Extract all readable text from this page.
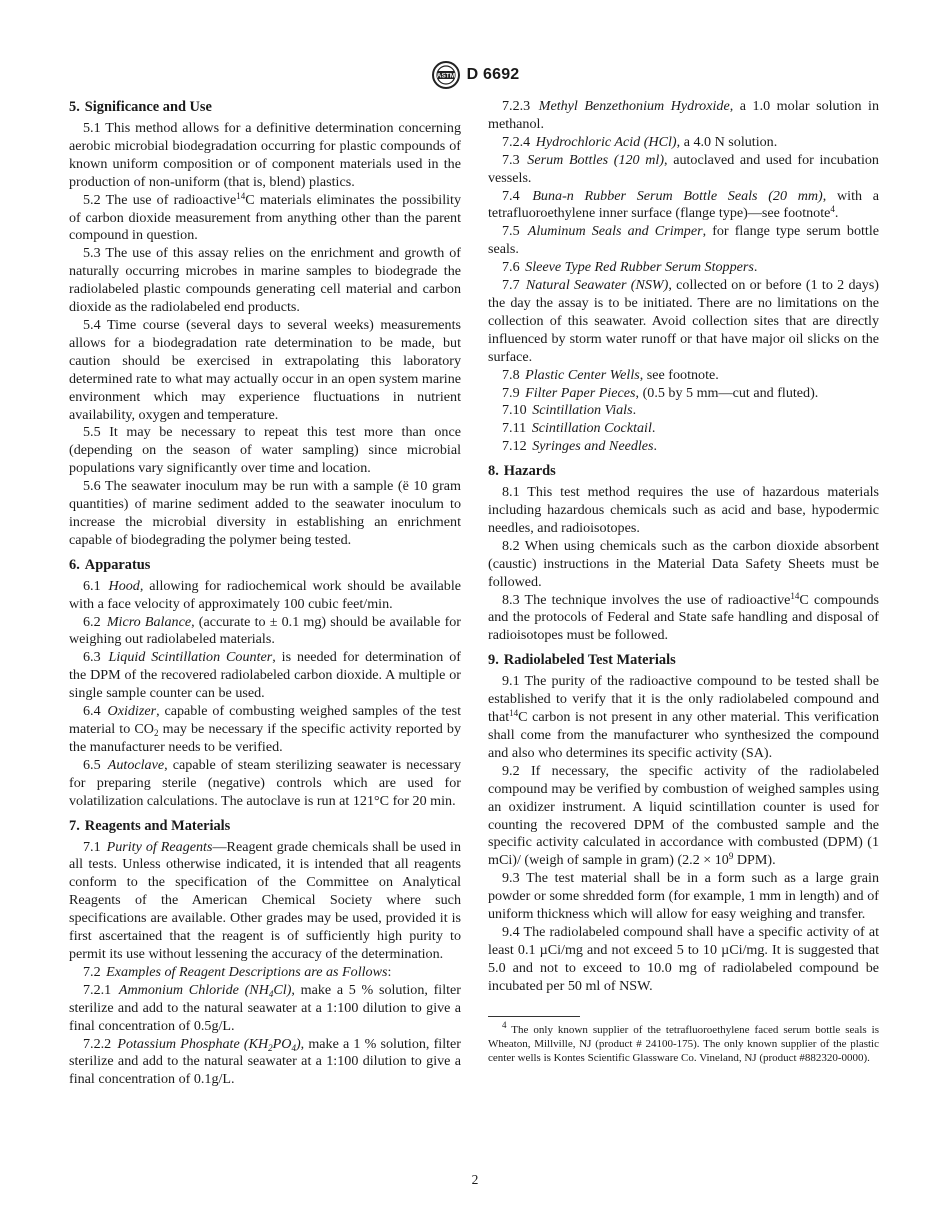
ASTM D 6692
5. Significance and Use

5.1 This method allows for a definitive determination concerning aerobic microbial biodegradation occurring for plastic compounds of known uniform composition or of component materials used in the production of non-uniform (that is, blend) plastics.

5.2 The use of radioactive$^{14}$C materials eliminates the possibility of carbon dioxide measurement from anything other than the parent compound in question.

5.3 The use of this assay relies on the enrichment and growth of naturally occurring microbes in marine samples to biodegrade the radiolabeled plastic compounds generating cell material and carbon dioxide as the radiolabeled end products.

5.4 Time course (several days to several weeks) measurements allows for a biodegradation rate determination to be made, but caution should be exercised in extrapolating this laboratory determined rate to what may actually occur in an open system marine environment which may experience fluctuations in nutrient availability, oxygen and temperature.

5.5 It may be necessary to repeat this test more than once (depending on the season of water sampling) since microbial populations vary significantly over time and location.

5.6 The seawater inoculum may be run with a sample (ë 10 gram quantities) of marine sediment added to the seawater inoculum to increase the microbial diversity in establishing an enrichment capable of biodegrading the polymer being tested.

6. Apparatus

6.1 Hood, allowing for radiochemical work should be available with a face velocity of approximately 100 cubic feet/min.

6.2 Micro Balance, (accurate to ± 0.1 mg) should be available for weighing out radiolabeled materials.

6.3 Liquid Scintillation Counter, is needed for determination of the DPM of the recovered radiolabeled carbon dioxide. A multiple or single sample counter can be used.

6.4 Oxidizer, capable of combusting weighed samples of the test material to $CO_2$ may be necessary if the specific activity reported by the manufacturer needs to be verified.

6.5 Autoclave, capable of steam sterilizing seawater is necessary for preparing sterile (negative) controls which are used for volatilization calculations. The autoclave is run at 121°C for 20 min.

7. Reagents and Materials

7.1 Purity of Reagents—Reagent grade chemicals shall be used in all tests. Unless otherwise indicated, it is intended that all reagents conform to the specification of the Committee on Analytical Reagents of the American Chemical Society where such specifications are available. Other grades may be used, provided it is first ascertained that the reagent is of sufficiently high purity to permit its use without lessening the accuracy of the determination.

7.2 Examples of Reagent Descriptions are as Follows:

7.2.1 Ammonium Chloride $(NH_4Cl)$, make a 5 % solution, filter sterilize and add to the natural seawater at a 1:100 dilution to give a final concentration of 0.5g/L.

7.2.2 Potassium Phosphate $(KH_2PO_4)$, make a 1 % solution, filter sterilize and add to the natural seawater at a 1:100 dilution to give a final concentration of 0.1g/L.

7.2.3 Methyl Benzethonium Hydroxide, a 1.0 molar solution in methanol.

7.2.4 Hydrochloric Acid (HCl), a 4.0 N solution.

7.3 Serum Bottles (120 ml), autoclaved and used for incubation vessels.

7.4 Buna-n Rubber Serum Bottle Seals (20 mm), with a tetrafluoroethylene inner surface (flange type)—see footnote$^4$.

7.5 Aluminum Seals and Crimper, for flange type serum bottle seals.

7.6 Sleeve Type Red Rubber Serum Stoppers.

7.7 Natural Seawater (NSW), collected on or before (1 to 2 days) the day the assay is to be initiated. There are no limitations on the collection of this seawater. Avoid collection sites that are directly influenced by storm water runoff or that have major oil slicks on the surface.

7.8 Plastic Center Wells, see footnote.

7.9 Filter Paper Pieces, (0.5 by 5 mm—cut and fluted).

7.10 Scintillation Vials.

7.11 Scintillation Cocktail.

7.12 Syringes and Needles.

8. Hazards

8.1 This test method requires the use of hazardous materials including hazardous chemicals such as acid and base, hypodermic needles, and radioisotopes.

8.2 When using chemicals such as the carbon dioxide absorbent (caustic) instructions in the Material Data Safety Sheets must be followed.

8.3 The technique involves the use of radioactive$^{14}$C compounds and the protocols of Federal and State safe handling and disposal of radioisotopes must be followed.

9. Radiolabeled Test Materials

9.1 The purity of the radioactive compound to be tested shall be established to verify that it is the only radiolabeled compound and that$^{14}$C carbon is not present in any other material. This verification shall come from the manufacturer who synthesized the compound and also who determines its specific activity (SA).

9.2 If necessary, the specific activity of the radiolabeled compound may be verified by combustion of weighed samples using an oxidizer instrument. A liquid scintillation counter is used for counting the recovered DPM of the combusted sample and the specific activity calculated in accordance with combusted (DPM) (1 mCi)/ (weigh of sample in gram) ($2.2 \times 10^9$ DPM).

9.3 The test material shall be in a form such as a large grain powder or some shredded form (for example, 1 mm in length) and of uniform thickness which will allow for easy weighing and transfer.

9.4 The radiolabeled compound shall have a specific activity of at least 0.1 µCi/mg and not exceed 5 to 10 µCi/mg. It is suggested that 5.0 and not to exceed to 10.0 mg of radiolabeled compound be incubated per 50 ml of NSW.

$^4$ The only known supplier of the tetrafluoroethylene faced serum bottle seals is Wheaton, Millville, NJ (product # 24100-175). The only known supplier of the plastic center wells is Kontes Scientific Glassware Co. Vineland, NJ (product #882320-0000).
2
